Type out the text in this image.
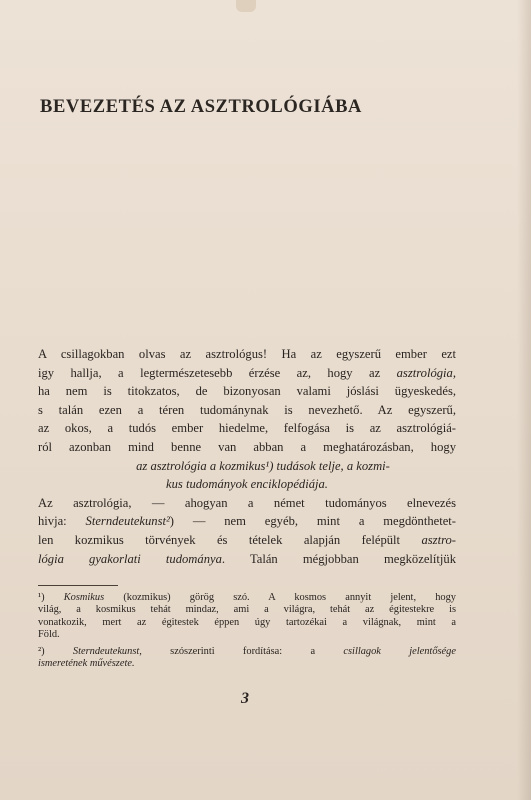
BEVEZETÉS AZ ASZTROLÓGIÁBA
A csillagokban olvas az asztrológus! Ha az egyszerű ember ezt
igy hallja, a legtermészetesebb érzése az, hogy az asztrológia,
ha nem is titokzatos, de bizonyosan valami jóslási ügyeskedés,
s talán ezen a téren tudománynak is nevezhető. Az egyszerű,
az okos, a tudós ember hiedelme, felfogása is az asztrológiá-
ról azonban mind benne van abban a meghatározásban, hogy
az asztrológia a kozmikus¹) tudások telje, a kozmi-
kus tudományok enciklopédiája.
Az asztrológia, — ahogyan a német tudományos elnevezés
hivja: Sterndeutekunst²) — nem egyéb, mint a megdönthetet-
len kozmikus törvények és tételek alapján felépült asztro-
lógia gyakorlati tudománya. Talán mégjobban megközelítjük
¹) Kosmikus (kozmikus) görög szó. A kosmos annyit jelent, hogy
világ, a kosmikus tehát mindaz, ami a világra, tehát az égitestekre is
vonatkozik, mert az égitestek éppen úgy tartozékai a világnak, mint a
Föld.
²) Sterndeutekunst, szószerinti fordítása: a csillagok jelentősége
ismeretének művészete.
3
